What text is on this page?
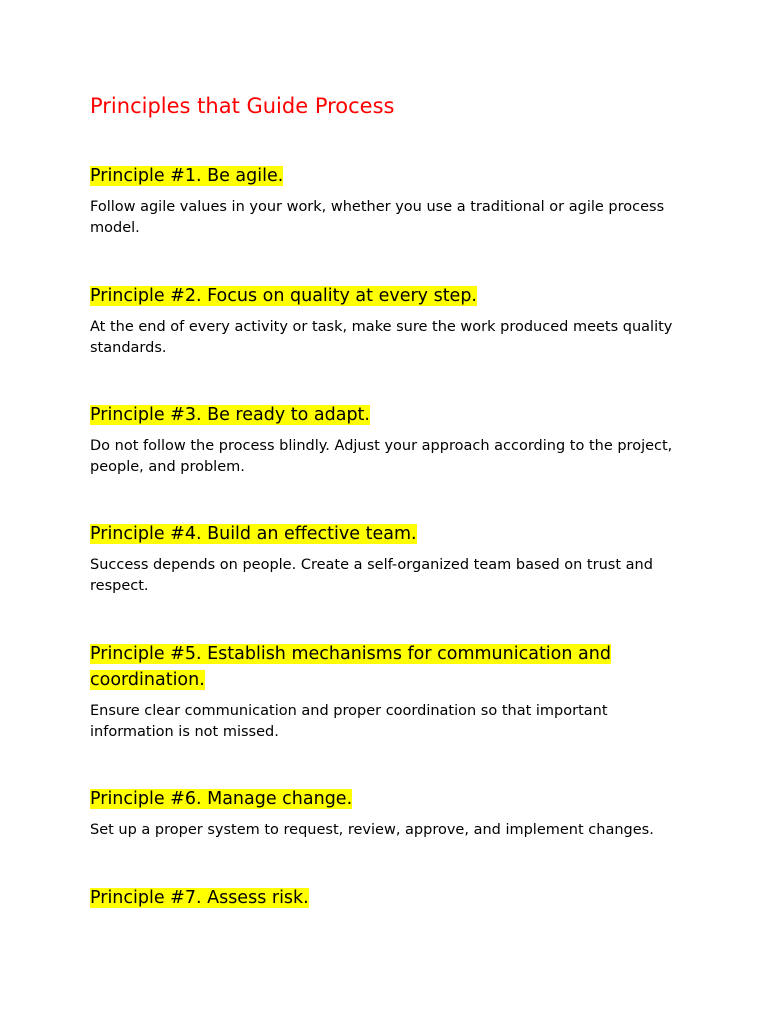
Principles that Guide Process
Principle #1. Be agile.

Follow agile values in your work, whether you use a traditional or agile process model.

Principle #2. Focus on quality at every step.

At the end of every activity or task, make sure the work produced meets quality standards.

Principle #3. Be ready to adapt.

Do not follow the process blindly. Adjust your approach according to the project, people, and problem.

Principle #4. Build an effective team.

Success depends on people. Create a self-organized team based on trust and respect.

Principle #5. Establish mechanisms for communication and coordination.

Ensure clear communication and proper coordination so that important information is not missed.

Principle #6. Manage change.

Set up a proper system to request, review, approve, and implement changes.

Principle #7. Assess risk.
